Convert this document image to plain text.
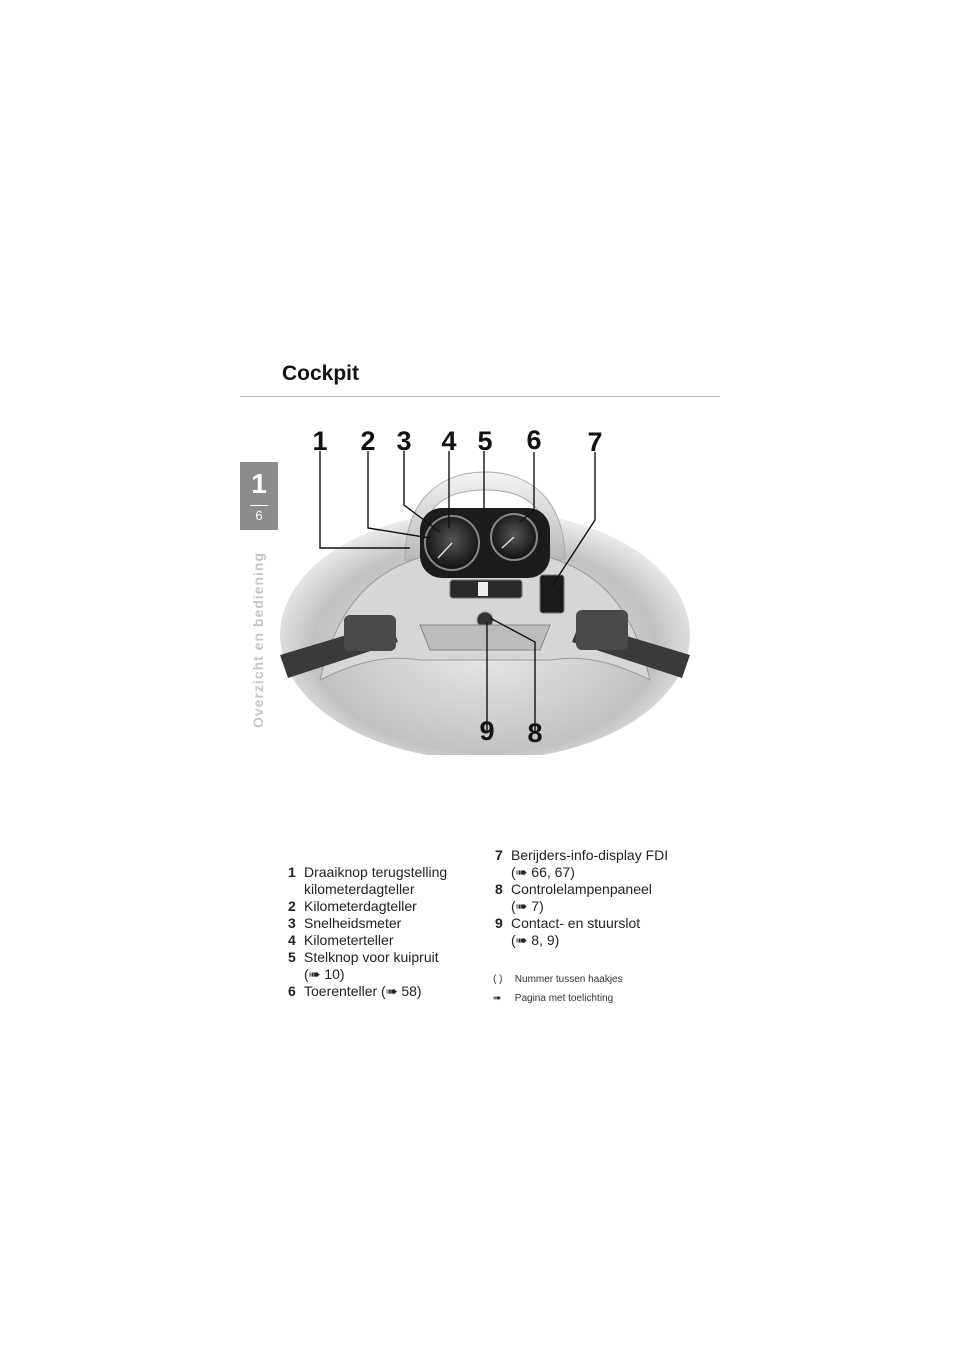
Cockpit
1
6
Overzicht en bediening
1 2 3 4 5 6 7
8
9
1 Draaiknop terugstelling kilometerdagteller
2 Kilometerdagteller
3 Snelheidsmeter
4 Kilometerteller
5 Stelknop voor kuipruit
(➠ 10)
6 Toerenteller (➠ 58)
7 Berijders-info-display FDI
(➠ 66, 67)
8 Controlelampenpaneel
(➠ 7)
9 Contact- en stuurslot
(➠ 8, 9)
( ) Nummer tussen haakjes
➠ Pagina met toelichting
